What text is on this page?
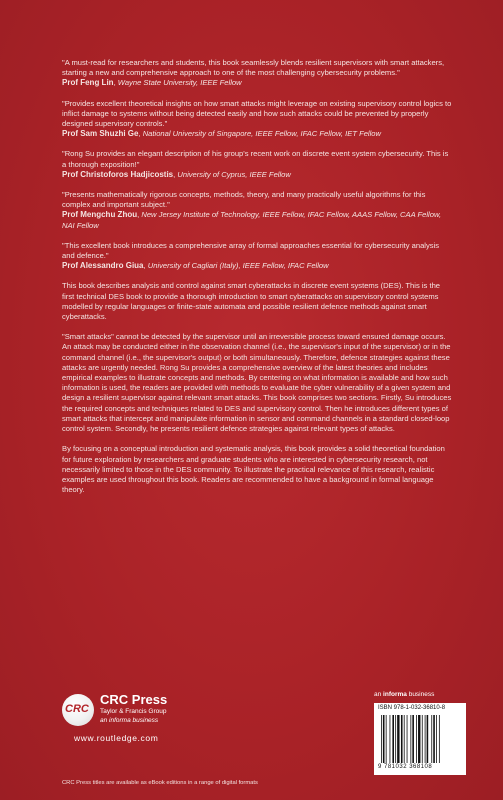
"A must-read for researchers and students, this book seamlessly blends resilient supervisors with smart attackers, starting a new and comprehensive approach to one of the most challenging cybersecurity problems."

Prof Feng Lin, Wayne State University, IEEE Fellow

"Provides excellent theoretical insights on how smart attacks might leverage on existing supervisory control logics to inflict damage to systems without being detected easily and how such attacks could be prevented by properly designed supervisory controls."

Prof Sam Shuzhi Ge, National University of Singapore, IEEE Fellow, IFAC Fellow, IET Fellow

"Rong Su provides an elegant description of his group's recent work on discrete event system cybersecurity. This is a thorough exposition!"

Prof Christoforos Hadjicostis, University of Cyprus, IEEE Fellow

"Presents mathematically rigorous concepts, methods, theory, and many practically useful algorithms for this complex and important subject."

Prof Mengchu Zhou, New Jersey Institute of Technology, IEEE Fellow, IFAC Fellow, AAAS Fellow, CAA Fellow, NAI Fellow

"This excellent book introduces a comprehensive array of formal approaches essential for cybersecurity analysis and defence."

Prof Alessandro Giua, University of Cagliari (Italy), IEEE Fellow, IFAC Fellow

This book describes analysis and control against smart cyberattacks in discrete event systems (DES). This is the first technical DES book to provide a thorough introduction to smart cyberattacks on supervisory control systems modelled by regular languages or finite-state automata and possible resilient defence methods against smart cyberattacks.

"Smart attacks" cannot be detected by the supervisor until an irreversible process toward ensured damage occurs. An attack may be conducted either in the observation channel (i.e., the supervisor's input of the supervisor) or in the command channel (i.e., the supervisor's output) or both simultaneously. Therefore, defence strategies against these attacks are urgently needed. Rong Su provides a comprehensive overview of the latest theories and includes empirical examples to illustrate concepts and methods. By centering on what information is available and how such information is used, the readers are provided with methods to evaluate the cyber vulnerability of a given system and design a resilient supervisor against relevant smart attacks. This book comprises two sections. Firstly, Su introduces the required concepts and techniques related to DES and supervisory control. Then he introduces different types of smart attacks that intercept and manipulate information in sensor and command channels in a standard closed-loop control system. Secondly, he presents resilient defence strategies against relevant types of attacks.

By focusing on a conceptual introduction and systematic analysis, this book provides a solid theoretical foundation for future exploration by researchers and graduate students who are interested in cybersecurity research, not necessarily limited to those in the DES community. To illustrate the practical relevance of this research, realistic examples are used throughout this book. Readers are recommended to have a background in formal language theory.

CRC
CRC Press
Taylor & Francis Group
an informa business
www.routledge.com
an informa business
ISBN 978-1-032-36810-8
9 781032 368108
CRC Press titles are available as eBook editions in a range of digital formats
